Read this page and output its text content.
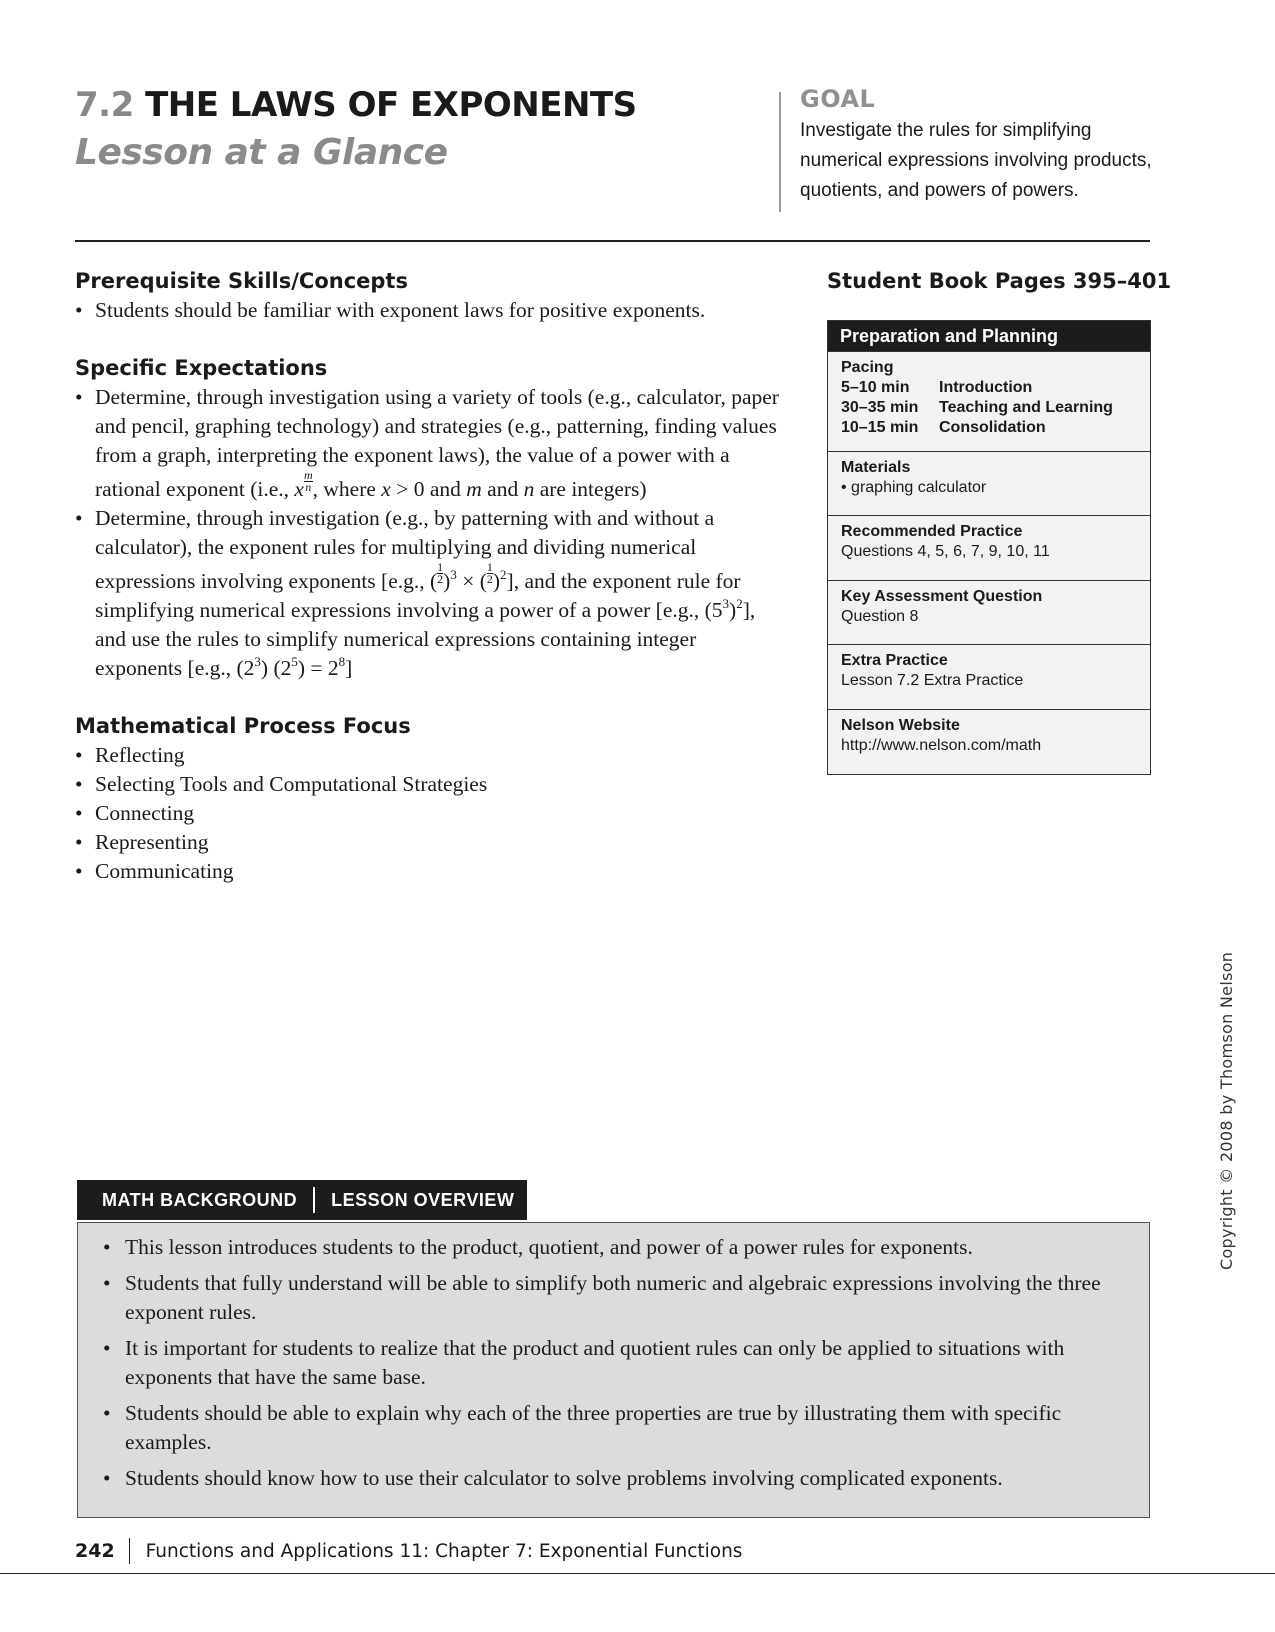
7.2 THE LAWS OF EXPONENTS
Lesson at a Glance
GOAL
Investigate the rules for simplifying numerical expressions involving products, quotients, and powers of powers.
Prerequisite Skills/Concepts
• Students should be familiar with exponent laws for positive exponents.
Specific Expectations
• Determine, through investigation using a variety of tools (e.g., calculator, paper and pencil, graphing technology) and strategies (e.g., patterning, finding values from a graph, interpreting the exponent laws), the value of a power with a rational exponent (i.e., x $\frac{m}{n}$ , where x > 0 and m and n are integers)
• Determine, through investigation (e.g., by patterning with and without a calculator), the exponent rules for multiplying and dividing numerical expressions involving exponents [e.g., ( $\frac{1}{2} )^3$ × ( $\frac{1}{2} )^2$], and the exponent rule for simplifying numerical expressions involving a power of a power [e.g., $(5^3)^2$], and use the rules to simplify numerical expressions containing integer exponents [e.g., $(2^3) (2^5) = 2^8$]
Mathematical Process Focus
• Reflecting
• Selecting Tools and Computational Strategies
• Connecting
• Representing
• Communicating
Student Book Pages 395–401
Preparation and Planning
Pacing
5–10 min	Introduction
30–35 min	Teaching and Learning
10–15 min	Consolidation
Materials
• graphing calculator
Recommended Practice
Questions 4, 5, 6, 7, 9, 10, 11
Key Assessment Question
Question 8
Extra Practice
Lesson 7.2 Extra Practice
Nelson Website
http://www.nelson.com/math
Copyright © 2008 by Thomson Nelson
MATH BACKGROUND LESSON OVERVIEW
• This lesson introduces students to the product, quotient, and power of a power rules for exponents.
• Students that fully understand will be able to simplify both numeric and algebraic expressions involving the three exponent rules.
• It is important for students to realize that the product and quotient rules can only be applied to situations with exponents that have the same base.
• Students should be able to explain why each of the three properties are true by illustrating them with specific examples.
• Students should know how to use their calculator to solve problems involving complicated exponents.
242 Functions and Applications 11: Chapter 7: Exponential Functions
